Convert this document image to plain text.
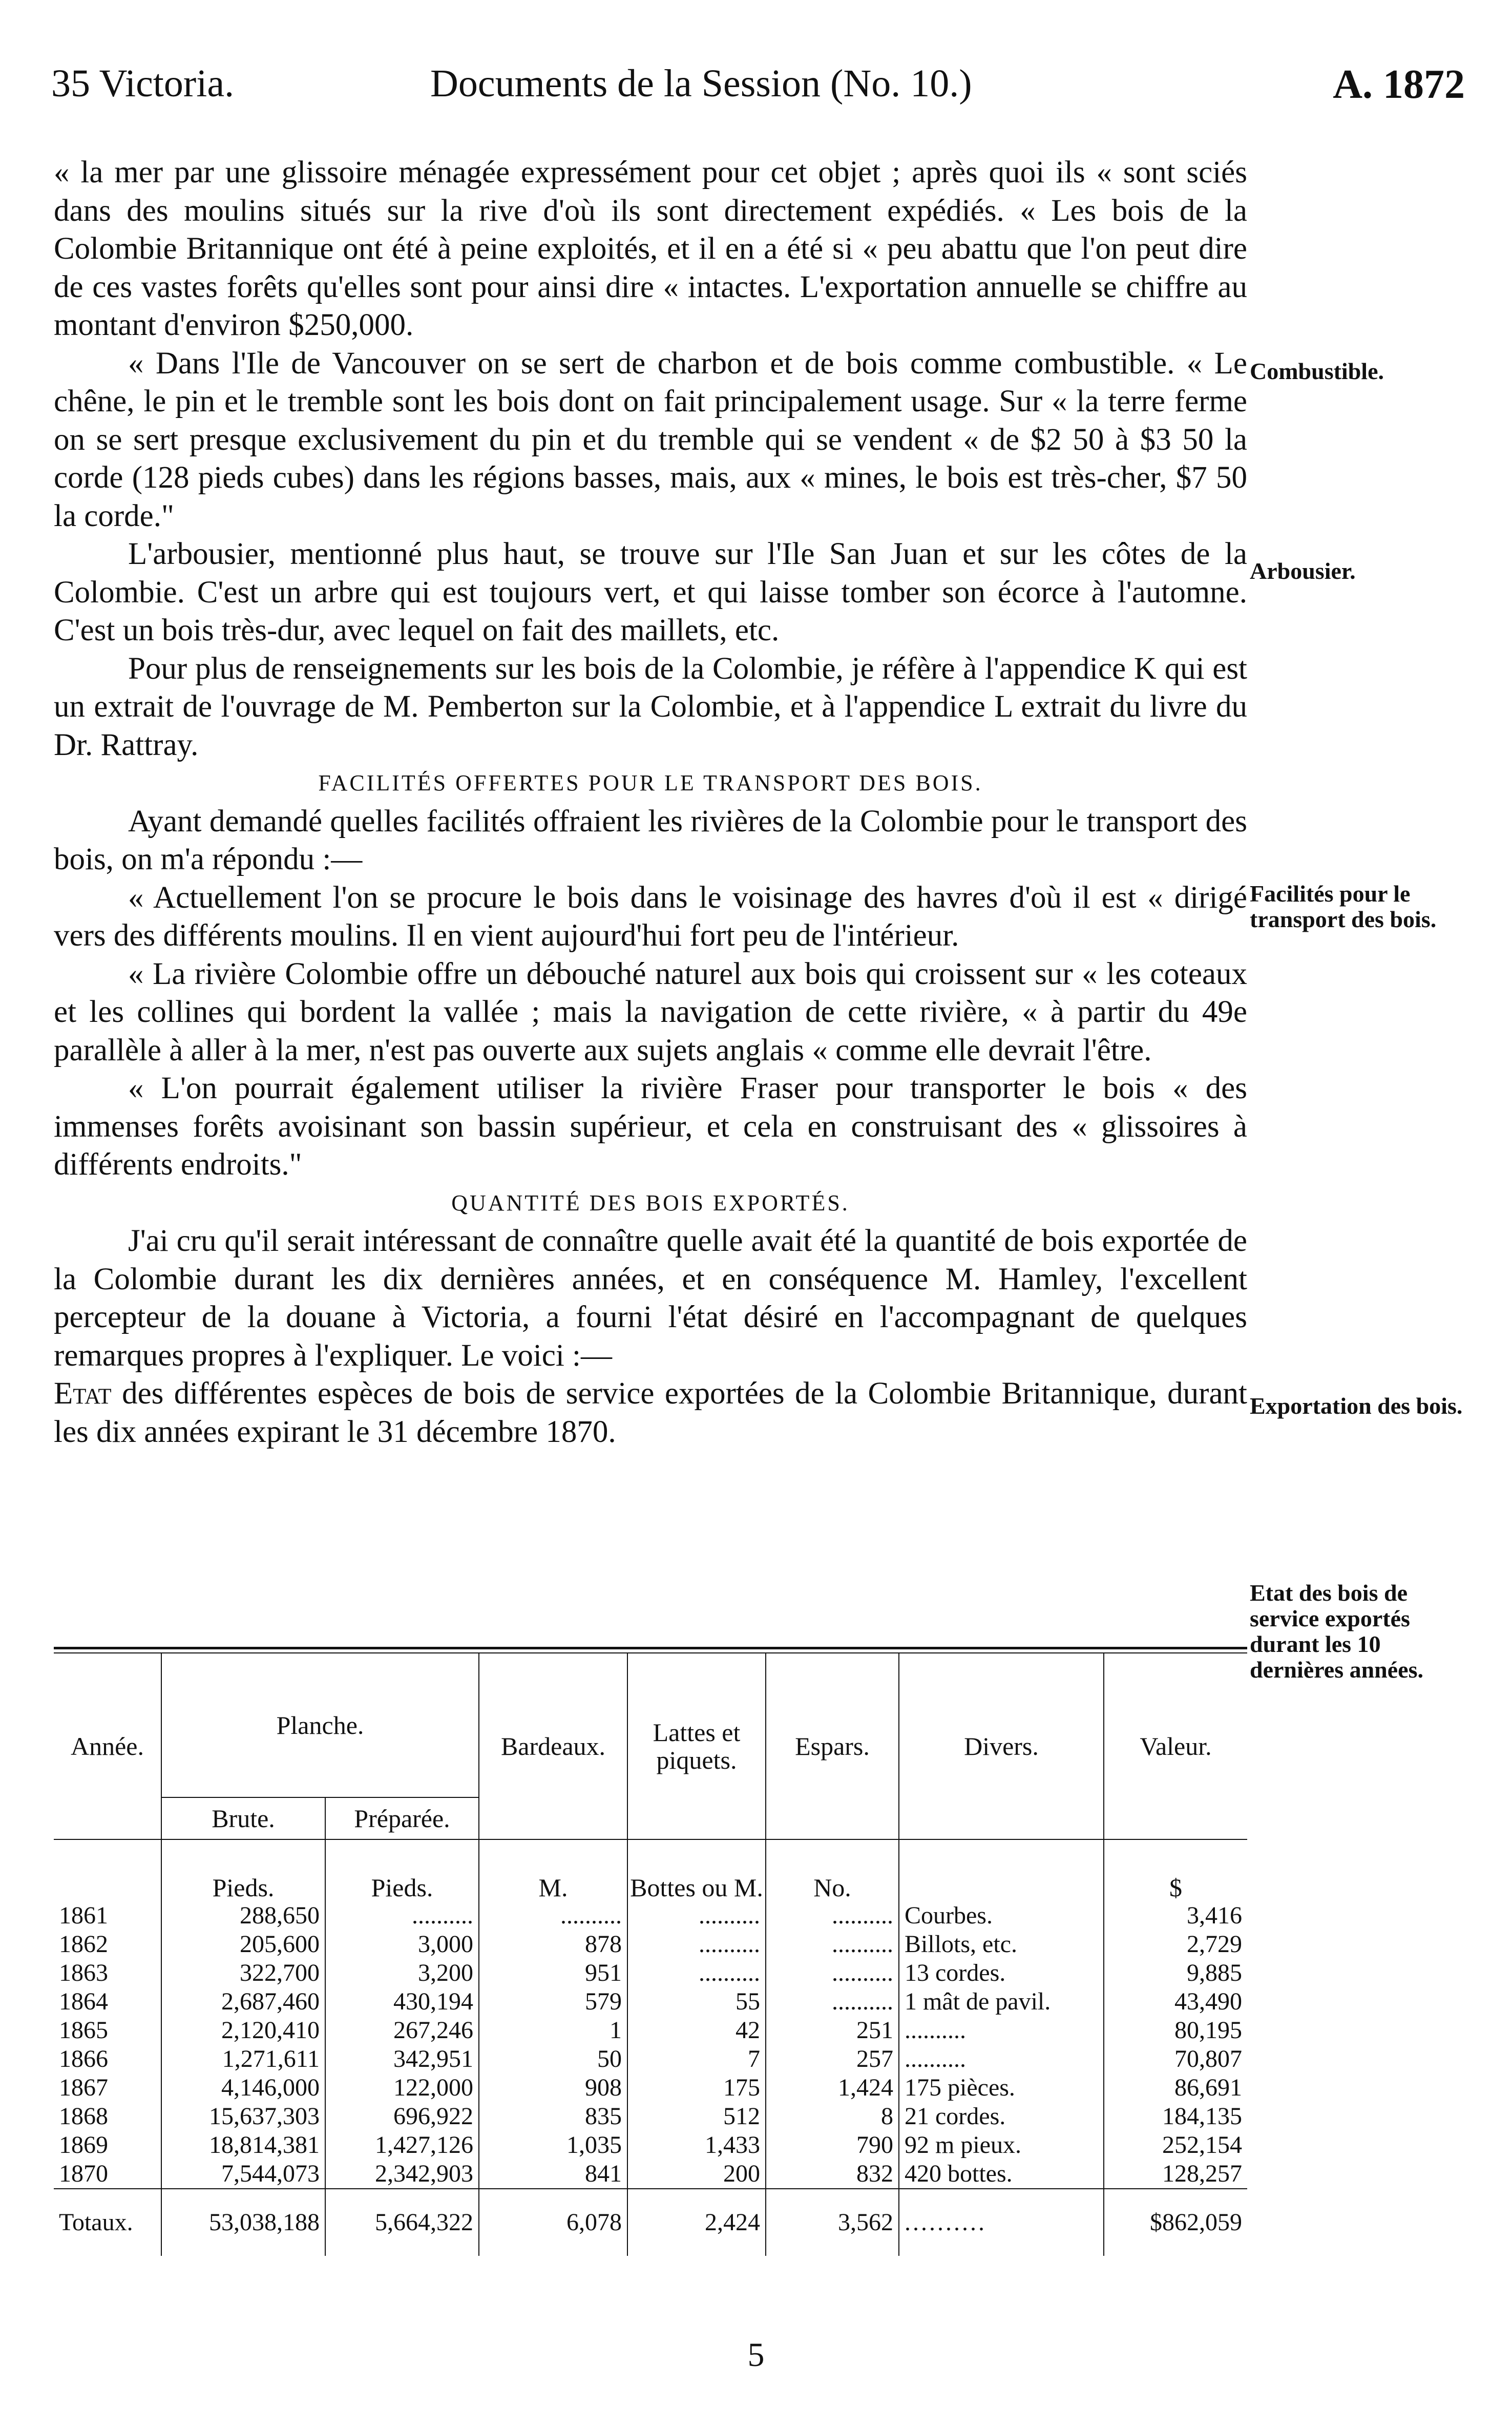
35 Victoria.	Documents de la Session (No. 10.)	A. 1872

« la mer par une glissoire ménagée expressément pour cet objet ; après quoi ils « sont sciés dans des moulins situés sur la rive d'où ils sont directement expédiés. « Les bois de la Colombie Britannique ont été à peine exploités, et il en a été si « peu abattu que l'on peut dire de ces vastes forêts qu'elles sont pour ainsi dire « intactes. L'exportation annuelle se chiffre au montant d'environ $250,000.

« Dans l'Ile de Vancouver on se sert de charbon et de bois comme combustible. « Le chêne, le pin et le tremble sont les bois dont on fait principalement usage. Sur « la terre ferme on se sert presque exclusivement du pin et du tremble qui se vendent « de $2 50 à $3 50 la corde (128 pieds cubes) dans les régions basses, mais, aux « mines, le bois est très-cher, $7 50 la corde."

L'arbousier, mentionné plus haut, se trouve sur l'Ile San Juan et sur les côtes de la Colombie. C'est un arbre qui est toujours vert, et qui laisse tomber son écorce à l'automne. C'est un bois très-dur, avec lequel on fait des maillets, etc.

Pour plus de renseignements sur les bois de la Colombie, je réfère à l'appendice K qui est un extrait de l'ouvrage de M. Pemberton sur la Colombie, et à l'appendice L extrait du livre du Dr. Rattray.

FACILITÉS OFFERTES POUR LE TRANSPORT DES BOIS.

Ayant demandé quelles facilités offraient les rivières de la Colombie pour le transport des bois, on m'a répondu :—

« Actuellement l'on se procure le bois dans le voisinage des havres d'où il est « dirigé vers des différents moulins. Il en vient aujourd'hui fort peu de l'intérieur.

« La rivière Colombie offre un débouché naturel aux bois qui croissent sur « les coteaux et les collines qui bordent la vallée ; mais la navigation de cette rivière, « à partir du 49e parallèle à aller à la mer, n'est pas ouverte aux sujets anglais « comme elle devrait l'être.

« L'on pourrait également utiliser la rivière Fraser pour transporter le bois « des immenses forêts avoisinant son bassin supérieur, et cela en construisant des « glissoires à différents endroits."

QUANTITÉ DES BOIS EXPORTÉS.

J'ai cru qu'il serait intéressant de connaître quelle avait été la quantité de bois exportée de la Colombie durant les dix dernières années, et en conséquence M. Hamley, l'excellent percepteur de la douane à Victoria, a fourni l'état désiré en l'accompagnant de quelques remarques propres à l'expliquer. Le voici :—

Etat des différentes espèces de bois de service exportées de la Colombie Britannique, durant les dix années expirant le 31 décembre 1870.

Combustible.
Arbousier.
Facilités pour le transport des bois.
Exportation des bois.
Etat des bois de service exportés durant les 10 dernières années.
Année.	Planche.		Bardeaux.	Lattes et piquets.	Espars.	Divers.	Valeur.
	Brute.	Préparée.					
	Pieds.	Pieds.	M.	Bottes ou M.	No.		$
1861	288,650	..........	..........	..........	..........	Courbes.	3,416
1862	205,600	3,000	878	..........	..........	Billots, etc.	2,729
1863	322,700	3,200	951	..........	..........	13 cordes.	9,885
1864	2,687,460	430,194	579	55	..........	1 mât de pavil.	43,490
1865	2,120,410	267,246	1	42	251	..........	80,195
1866	1,271,611	342,951	50	7	257	..........	70,807
1867	4,146,000	122,000	908	175	1,424	175 pièces.	86,691
1868	15,637,303	696,922	835	512	8	21 cordes.	184,135
1869	18,814,381	1,427,126	1,035	1,433	790	92 m pieux.	252,154
1870	7,544,073	2,342,903	841	200	832	420 bottes.	128,257
Totaux.	53,038,188	5,664,322	6,078	2,424	3,562	..........	$862,059
5
